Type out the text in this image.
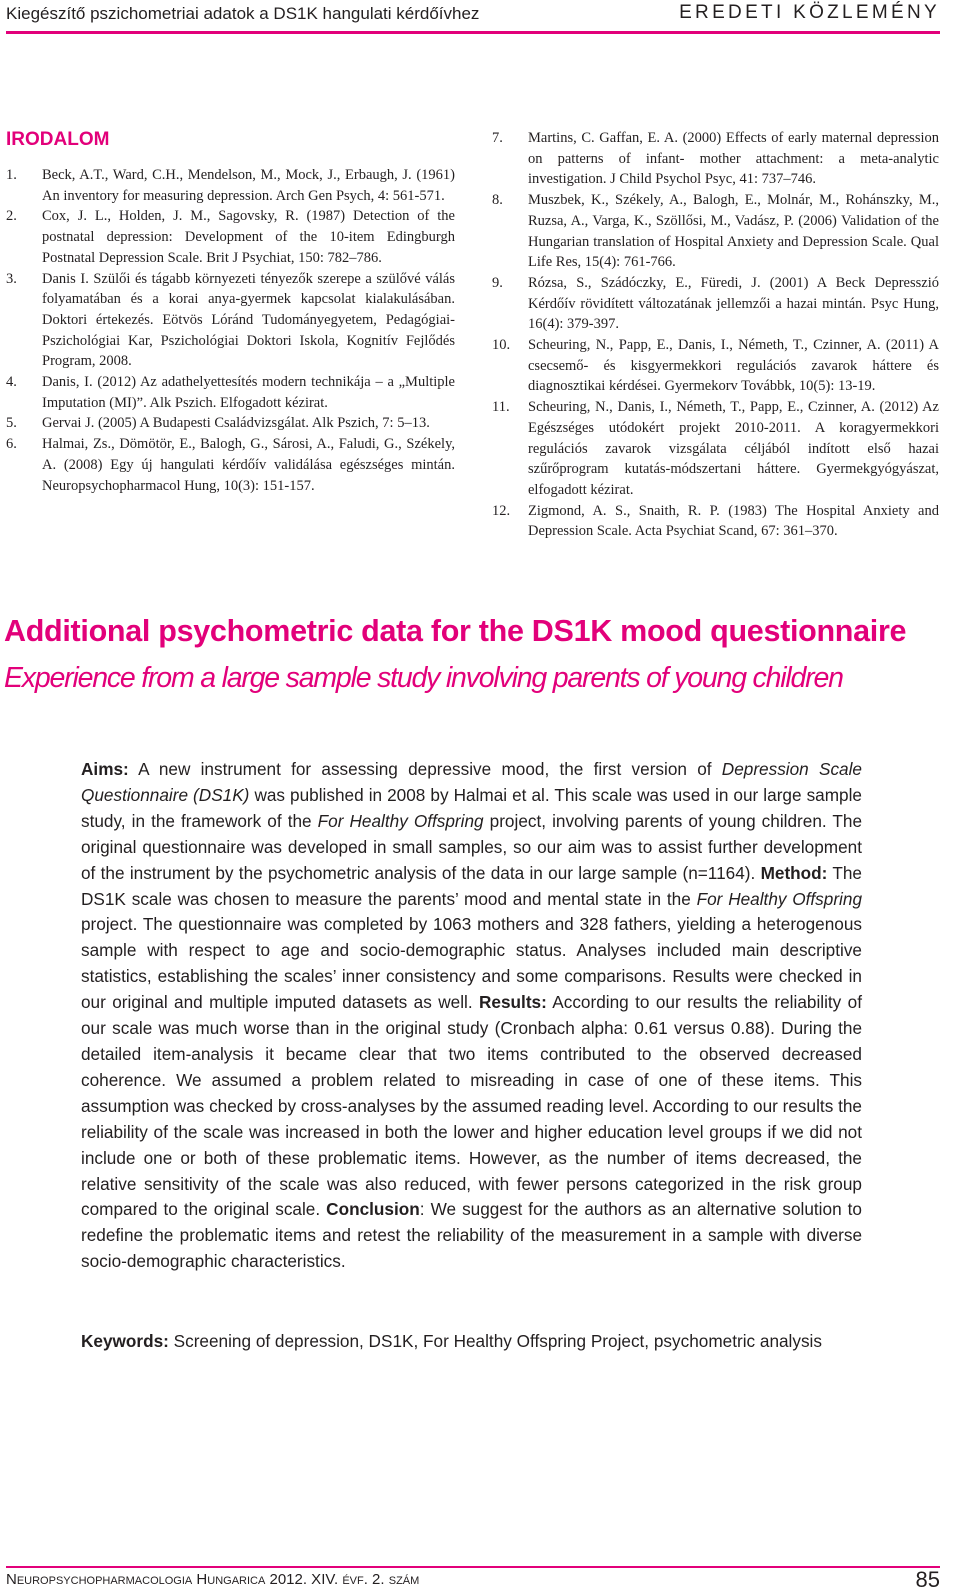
Kiegészítő pszichometriai adatok a DS1K hangulati kérdőívhez	EREDETI KÖZLEMÉNY
IRODALOM
1.	Beck, A.T., Ward, C.H., Mendelson, M., Mock, J., Erbaugh, J. (1961) An inventory for measuring depression. Arch Gen Psych, 4: 561-571.
2.	Cox, J. L., Holden, J. M., Sagovsky, R. (1987) Detection of the postnatal depression: Development of the 10-item Edingburgh Postnatal Depression Scale. Brit J Psychiat, 150: 782–786.
3.	Danis I. Szülői és tágabb környezeti tényezők szerepe a szülővé válás folyamatában és a korai anya-gyermek kapcsolat kialakulásában. Doktori értekezés. Eötvös Lóránd Tudományegyetem, Pedagógiai-Pszichológiai Kar, Pszichológiai Doktori Iskola, Kognitív Fejlődés Program, 2008.
4.	Danis, I. (2012) Az adathelyettesítés modern technikája – a „Multiple Imputation (MI)”. Alk Pszich. Elfogadott kézirat.
5.	Gervai J. (2005) A Budapesti Családvizsgálat. Alk Pszich, 7: 5–13.
6.	Halmai, Zs., Dömötör, E., Balogh, G., Sárosi, A., Faludi, G., Székely, A. (2008) Egy új hangulati kérdőív validálása egészséges mintán. Neuropsychopharmacol Hung, 10(3): 151-157.
7.	Martins, C. Gaffan, E. A. (2000) Effects of early maternal depression on patterns of infant- mother attachment: a meta-analytic investigation. J Child Psychol Psyc, 41: 737–746.
8.	Muszbek, K., Székely, A., Balogh, E., Molnár, M., Rohánszky, M., Ruzsa, A., Varga, K., Szöllősi, M., Vadász, P. (2006) Validation of the Hungarian translation of Hospital Anxiety and Depression Scale. Qual Life Res, 15(4): 761-766.
9.	Rózsa, S., Szádóczky, E., Füredi, J. (2001) A Beck Depresszió Kérdőív rövidített változatának jellemzői a hazai mintán. Psyc Hung, 16(4): 379-397.
10.	Scheuring, N., Papp, E., Danis, I., Németh, T., Czinner, A. (2011) A csecsemő- és kisgyermekkori regulációs zavarok háttere és diagnosztikai kérdései. Gyermekorv Továbbk, 10(5): 13-19.
11.	Scheuring, N., Danis, I., Németh, T., Papp, E., Czinner, A. (2012) Az Egészséges utódokért projekt 2010-2011. A koragyermekkori regulációs zavarok vizsgálata céljából indított első hazai szűrőprogram kutatás-módszertani háttere. Gyermekgyógyászat, elfogadott kézirat.
12.	Zigmond, A. S., Snaith, R. P. (1983) The Hospital Anxiety and Depression Scale. Acta Psychiat Scand, 67: 361–370.
Additional psychometric data for the DS1K mood questionnaire
Experience from a large sample study involving parents of young children

Aims: A new instrument for assessing depressive mood, the first version of Depression Scale Questionnaire (DS1K) was published in 2008 by Halmai et al. This scale was used in our large sample study, in the framework of the For Healthy Offspring project, involving parents of young children. The original questionnaire was developed in small samples, so our aim was to assist further development of the instrument by the psychometric analysis of the data in our large sample (n=1164). Method: The DS1K scale was chosen to measure the parents’ mood and mental state in the For Healthy Offspring project. The questionnaire was completed by 1063 mothers and 328 fathers, yielding a heterogenous sample with respect to age and socio-demographic status. Analyses included main descriptive statistics, establishing the scales’ inner consistency and some comparisons. Results were checked in our original and multiple imputed datasets as well. Results: According to our results the reliability of our scale was much worse than in the original study (Cronbach alpha: 0.61 versus 0.88). During the detailed item-analysis it became clear that two items contributed to the observed decreased coherence. We assumed a problem related to misreading in case of one of these items. This assumption was checked by cross-analyses by the assumed reading level. According to our results the reliability of the scale was increased in both the lower and higher education level groups if we did not include one or both of these problematic items. However, as the number of items decreased, the relative sensitivity of the scale was also reduced, with fewer persons categorized in the risk group compared to the original scale. Conclusion: We suggest for the authors as an alternative solution to redefine the problematic items and retest the reliability of the measurement in a sample with diverse socio-demographic characteristics.

Keywords: Screening of depression, DS1K, For Healthy Offspring Project, psychometric analysis

Neuropsychopharmacologia Hungarica 2012. XIV. évf. 2. szám	85
